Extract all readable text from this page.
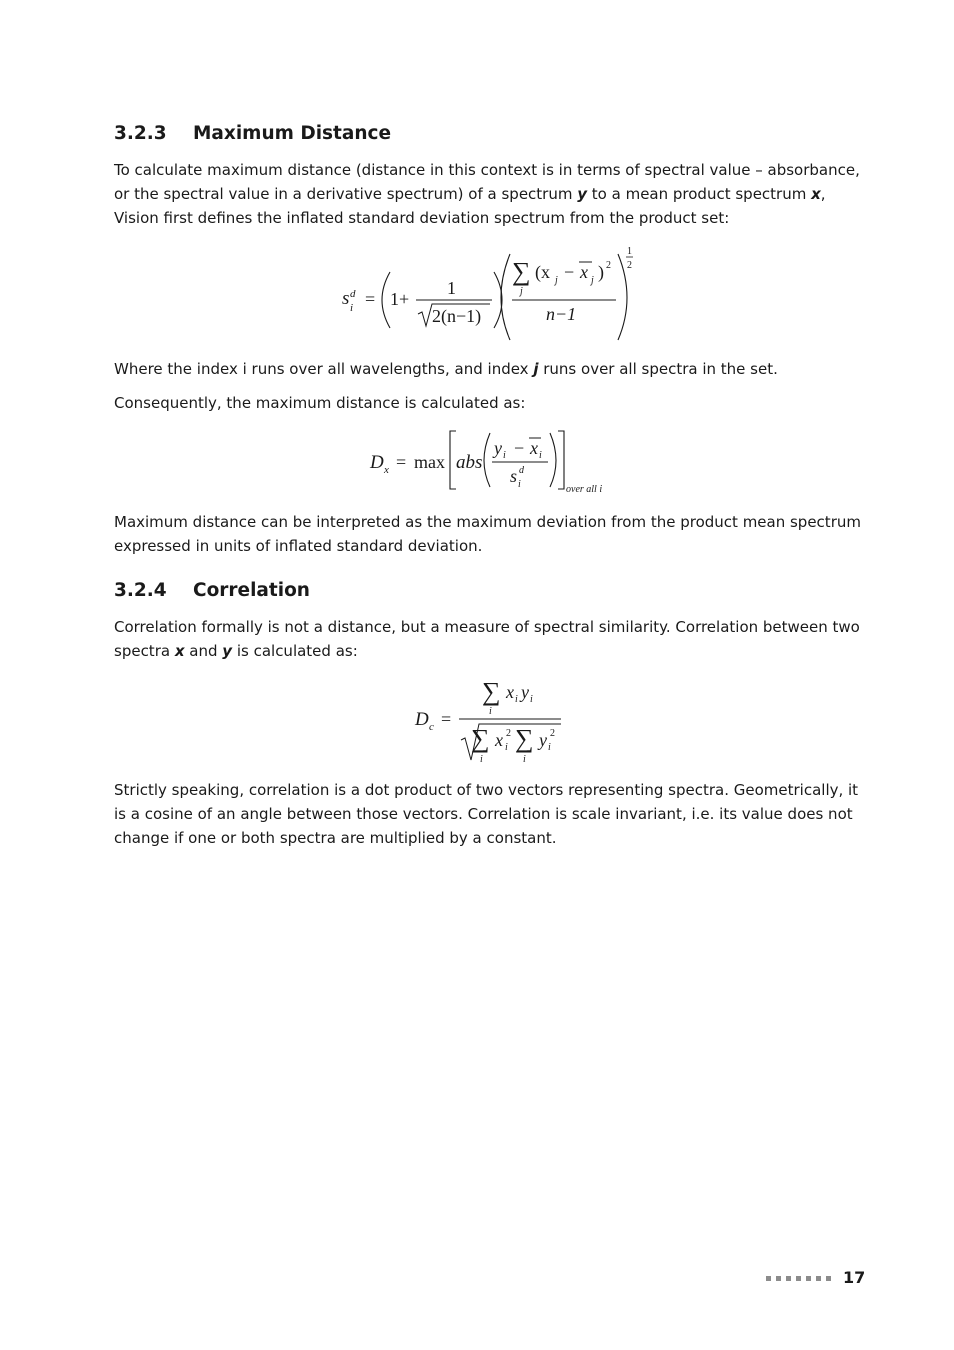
3.2.3 Maximum Distance

To calculate maximum distance (distance in this context is in terms of spectral value – absorbance, or the spectral value in a derivative spectrum) of a spectrum y to a mean product spectrum x, Vision first defines the inflated standard deviation spectrum from the product set:

s i
d = 1+
1
2(n−1)
∑
j
(x j − x j ) 2
n−1
1
2

Where the index i runs over all wavelengths, and index j runs over all spectra in the set.

Consequently, the maximum distance is calculated as:

D x = max abs
y i − x i
s i
d
over all i

Maximum distance can be interpreted as the maximum deviation from the product mean spectrum expressed in units of inflated standard deviation.

3.2.4 Correlation

Correlation formally is not a distance, but a measure of spectral similarity. Correlation between two spectra x and y is calculated as:

D c =
∑
i
x i y i
∑
i
x i
2 ∑
i
y i
2

Strictly speaking, correlation is a dot product of two vectors representing spectra. Geometrically, it is a cosine of an angle between those vectors. Correlation is scale invariant, i.e. its value does not change if one or both spectra are multiplied by a constant.

17
